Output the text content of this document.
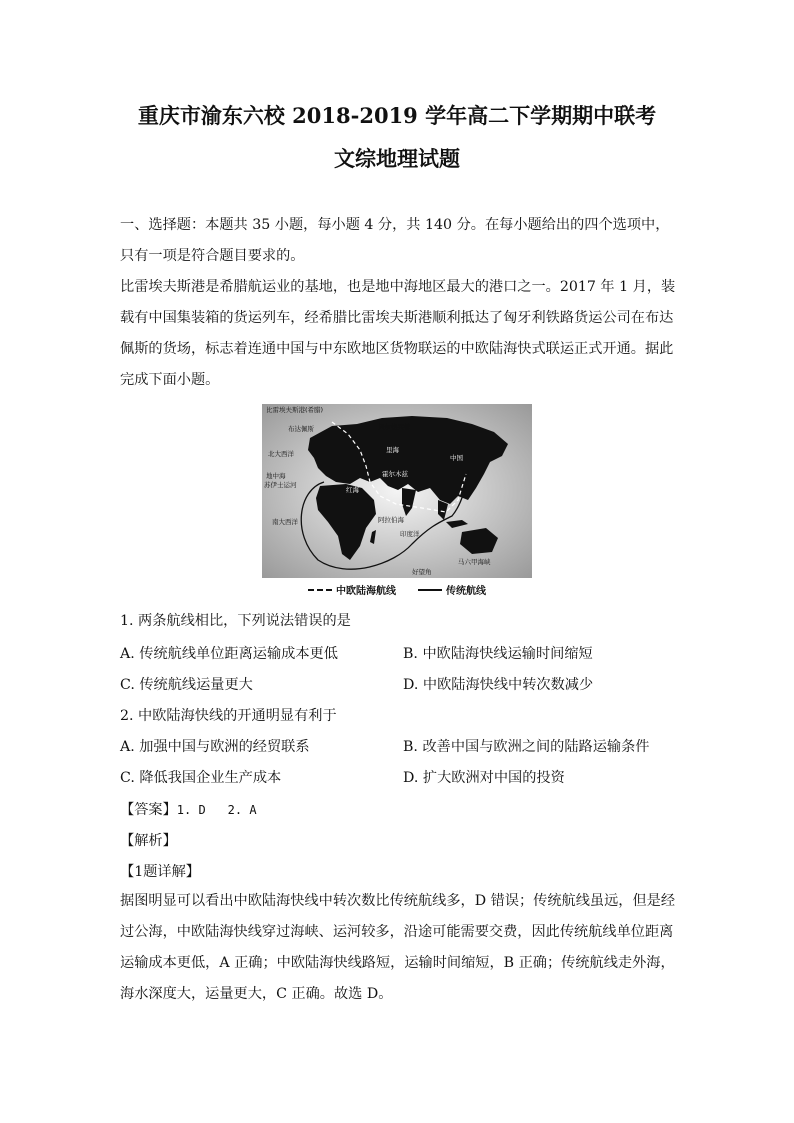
重庆市渝东六校 2018-2019 学年高二下学期期中联考
文综地理试题

一、选择题：本题共 35 小题，每小题 4 分，共 140 分。在每小题给出的四个选项中，只有一项是符合题目要求的。

比雷埃夫斯港是希腊航运业的基地，也是地中海地区最大的港口之一。2017 年 1 月，装载有中国集装箱的货运列车，经希腊比雷埃夫斯港顺利抵达了匈牙利铁路货运公司在布达佩斯的货场，标志着连通中国与中东欧地区货物联运的中欧陆海快式联运正式开通。据此完成下面小题。

比雷埃夫斯港(希腊)
布达佩斯
北大西洋
地中海
苏伊士运河
南大西洋
贝尔格莱德
里海
中国
霍尔木兹
红海
阿拉伯海
印度洋
马六甲海峡
好望角
中欧陆海航线	传统航线
1. 两条航线相比，下列说法错误的是
A. 传统航线单位距离运输成本更低	B. 中欧陆海快线运输时间缩短
C. 传统航线运量更大	D. 中欧陆海快线中转次数减少
2. 中欧陆海快线的开通明显有利于
A. 加强中国与欧洲的经贸联系	B. 改善中国与欧洲之间的陆路运输条件
C. 降低我国企业生产成本	D. 扩大欧洲对中国的投资
【答案】1. D 2. A
【解析】
【1题详解】

据图明显可以看出中欧陆海快线中转次数比传统航线多，D 错误；传统航线虽远，但是经过公海，中欧陆海快线穿过海峡、运河较多，沿途可能需要交费，因此传统航线单位距离运输成本更低，A 正确；中欧陆海快线路短，运输时间缩短，B 正确；传统航线走外海，海水深度大，运量更大，C 正确。故选 D。
